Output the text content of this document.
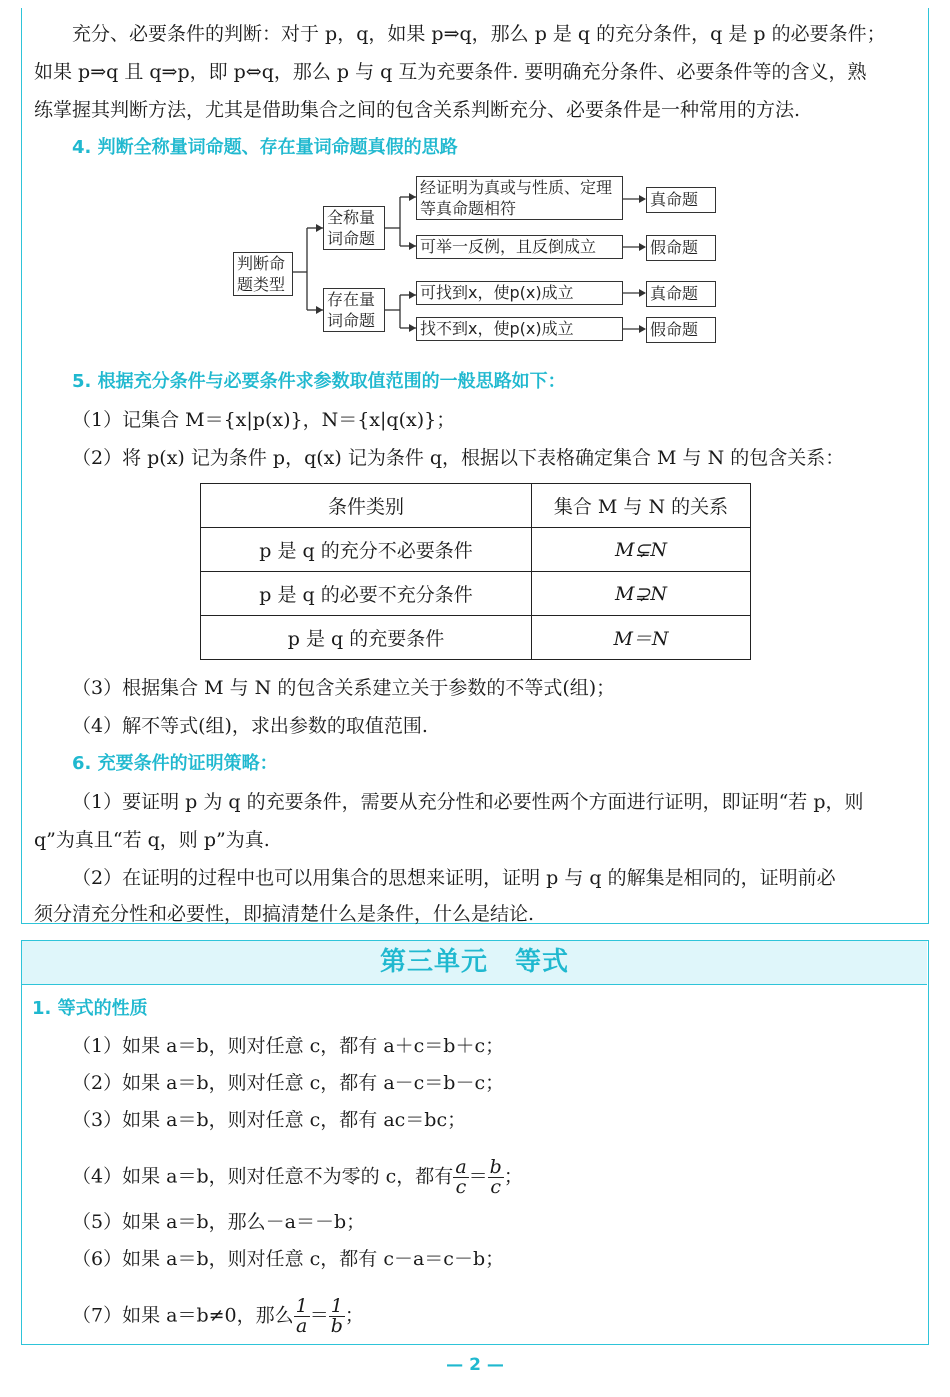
充分、必要条件的判断：对于 p，q，如果 p⇒q，那么 p 是 q 的充分条件，q 是 p 的必要条件；
如果 p⇒q 且 q⇒p，即 p⇔q，那么 p 与 q 互为充要条件. 要明确充分条件、必要条件等的含义，熟
练掌握其判断方法，尤其是借助集合之间的包含关系判断充分、必要条件是一种常用的方法.
4. 判断全称量词命题、存在量词命题真假的思路
判断命题类型
全称量词命题
存在量词命题
经证明为真或与性质、定理等真命题相符
可举一反例，且反倒成立
可找到x，使p(x)成立
找不到x，使p(x)成立
真命题
假命题
真命题
假命题
5. 根据充分条件与必要条件求参数取值范围的一般思路如下：
（1）记集合 M＝{x|p(x)}，N＝{x|q(x)}；
（2）将 p(x) 记为条件 p，q(x) 记为条件 q，根据以下表格确定集合 M 与 N 的包含关系：
条件类别	集合 M 与 N 的关系
p 是 q 的充分不必要条件	M⊊N
p 是 q 的必要不充分条件	M⊋N
p 是 q 的充要条件	M＝N
（3）根据集合 M 与 N 的包含关系建立关于参数的不等式(组)；
（4）解不等式(组)，求出参数的取值范围.
6. 充要条件的证明策略：
（1）要证明 p 为 q 的充要条件，需要从充分性和必要性两个方面进行证明，即证明“若 p，则
q”为真且“若 q，则 p”为真.
（2）在证明的过程中也可以用集合的思想来证明，证明 p 与 q 的解集是相同的，证明前必
须分清充分性和必要性，即搞清楚什么是条件，什么是结论.
第三单元　等式
1. 等式的性质
（1）如果 a＝b，则对任意 c，都有 a＋c＝b＋c；
（2）如果 a＝b，则对任意 c，都有 a－c＝b－c；
（3）如果 a＝b，则对任意 c，都有 ac＝bc；
（4）如果 a＝b，则对任意不为零的 c，都有 $\frac{a}{c} = \frac{b}{c}$ ；
（5）如果 a＝b，那么－a＝－b；
（6）如果 a＝b，则对任意 c，都有 c－a＝c－b；
（7）如果 a＝b≠0，那么 $\frac{1}{a} = \frac{1}{b}$ ；
— 2 —
